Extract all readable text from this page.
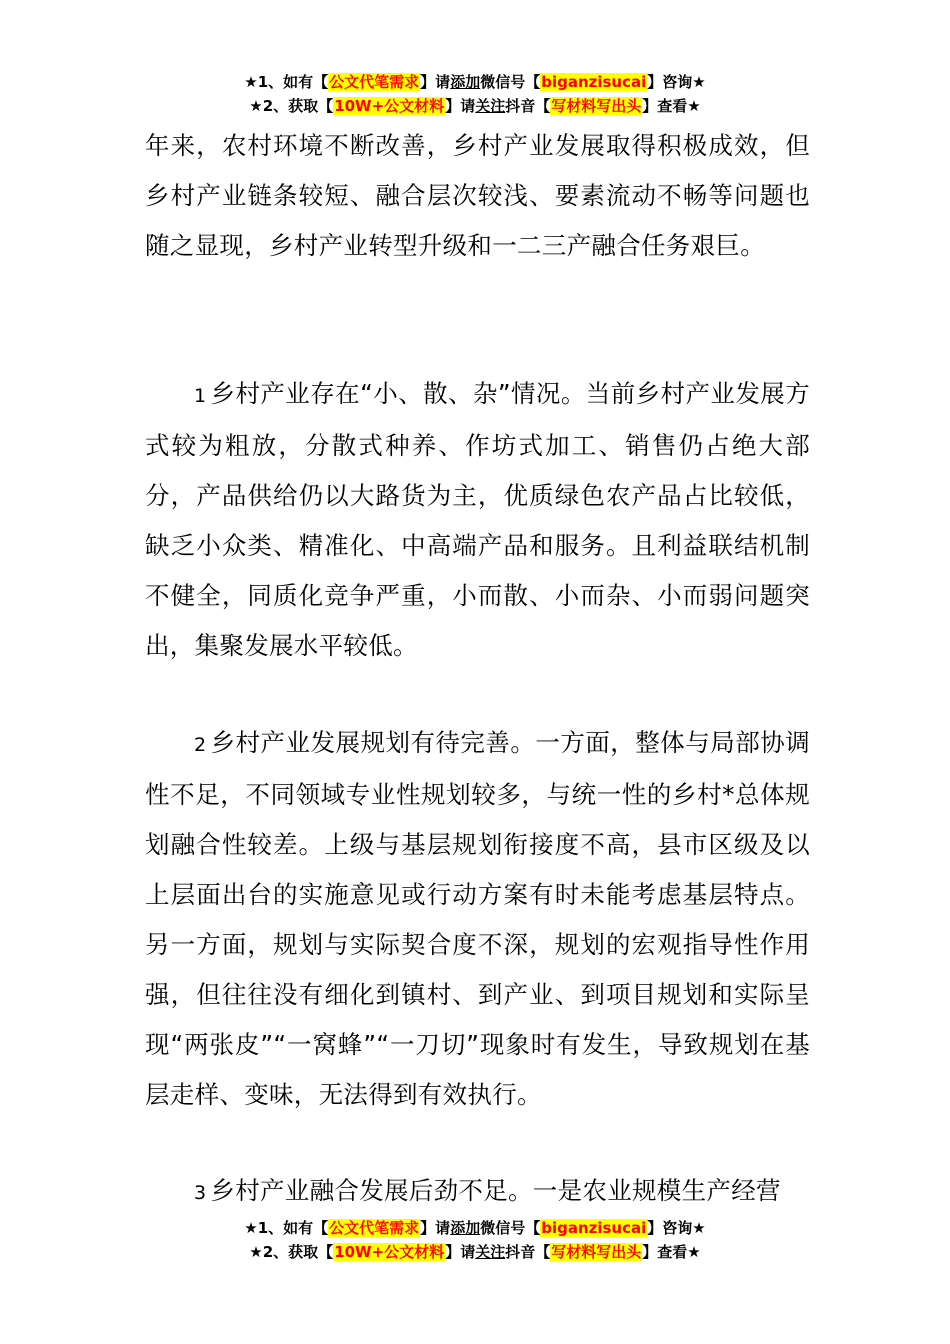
★1、如有【公文代笔需求】请添加微信号【biganzisucai】咨询★
★2、获取【10W+公文材料】请关注抖音【写材料写出头】查看★

年来，农村环境不断改善，乡村产业发展取得积极成效，但乡村产业链条较短、融合层次较浅、要素流动不畅等问题也随之显现，乡村产业转型升级和一二三产融合任务艰巨。

1 乡村产业存在“小、散、杂”情况。当前乡村产业发展方式较为粗放，分散式种养、作坊式加工、销售仍占绝大部分，产品供给仍以大路货为主，优质绿色农产品占比较低，缺乏小众类、精准化、中高端产品和服务。且利益联结机制不健全，同质化竞争严重，小而散、小而杂、小而弱问题突出，集聚发展水平较低。

2 乡村产业发展规划有待完善。一方面，整体与局部协调性不足，不同领域专业性规划较多，与统一性的乡村*总体规划融合性较差。上级与基层规划衔接度不高，县市区级及以上层面出台的实施意见或行动方案有时未能考虑基层特点。另一方面，规划与实际契合度不深，规划的宏观指导性作用强，但往往没有细化到镇村、到产业、到项目规划和实际呈现“两张皮”“一窝蜂”“一刀切”现象时有发生，导致规划在基层走样、变味，无法得到有效执行。

3 乡村产业融合发展后劲不足。一是农业规模生产经营

★1、如有【公文代笔需求】请添加微信号【biganzisucai】咨询★
★2、获取【10W+公文材料】请关注抖音【写材料写出头】查看★
